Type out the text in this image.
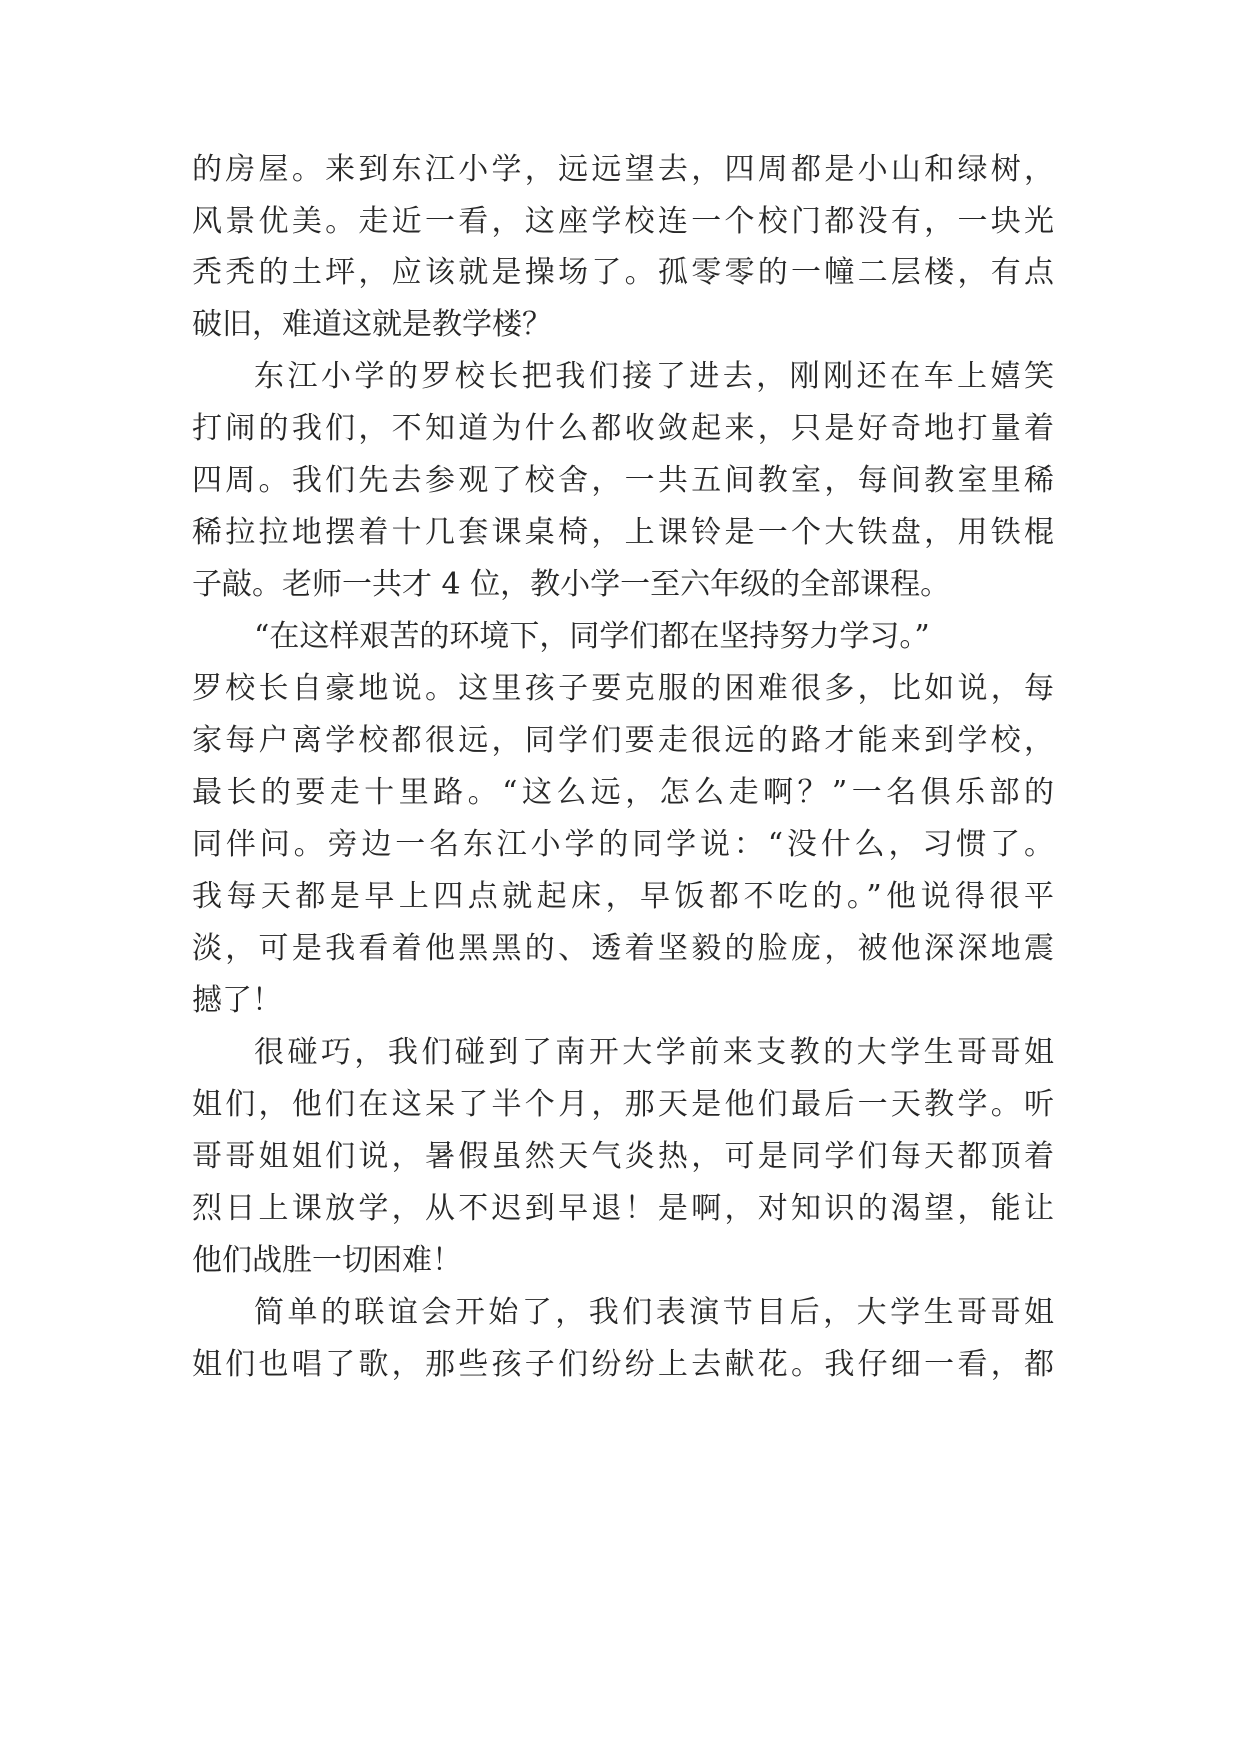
的房屋。来到东江小学，远远望去，四周都是小山和绿树，
风景优美。走近一看，这座学校连一个校门都没有，一块光
秃秃的土坪，应该就是操场了。孤零零的一幢二层楼，有点
破旧，难道这就是教学楼？
东江小学的罗校长把我们接了进去，刚刚还在车上嬉笑
打闹的我们，不知道为什么都收敛起来，只是好奇地打量着
四周。我们先去参观了校舍，一共五间教室，每间教室里稀
稀拉拉地摆着十几套课桌椅，上课铃是一个大铁盘，用铁棍
子敲。老师一共才 4 位，教小学一至六年级的全部课程。
“在这样艰苦的环境下，同学们都在坚持努力学习。”
罗校长自豪地说。这里孩子要克服的困难很多，比如说，每
家每户离学校都很远，同学们要走很远的路才能来到学校，
最长的要走十里路。“这么远，怎么走啊？”一名俱乐部的
同伴问。旁边一名东江小学的同学说：“没什么，习惯了。
我每天都是早上四点就起床，早饭都不吃的。”他说得很平
淡，可是我看着他黑黑的、透着坚毅的脸庞，被他深深地震
撼了！
很碰巧，我们碰到了南开大学前来支教的大学生哥哥姐
姐们，他们在这呆了半个月，那天是他们最后一天教学。听
哥哥姐姐们说，暑假虽然天气炎热，可是同学们每天都顶着
烈日上课放学，从不迟到早退！是啊，对知识的渴望，能让
他们战胜一切困难！
简单的联谊会开始了，我们表演节目后，大学生哥哥姐
姐们也唱了歌，那些孩子们纷纷上去献花。我仔细一看，都
